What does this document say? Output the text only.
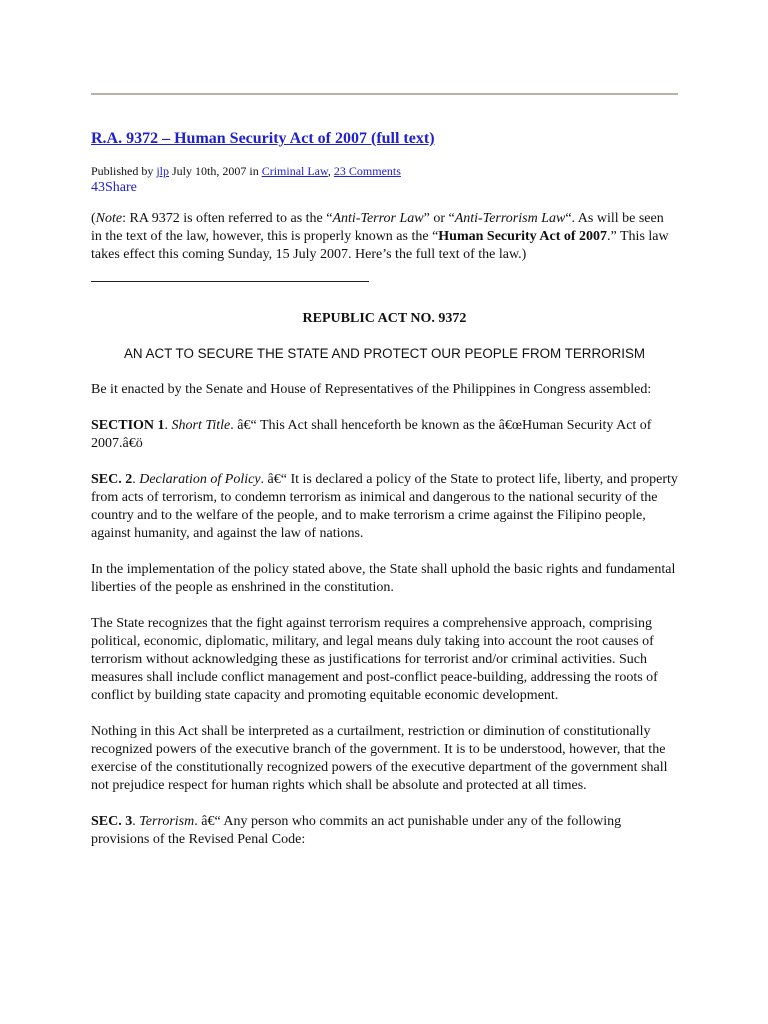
R.A. 9372 – Human Security Act of 2007 (full text)
Published by jlp July 10th, 2007 in Criminal Law, 23 Comments
43Share
(Note: RA 9372 is often referred to as the “Anti-Terror Law” or “Anti-Terrorism Law“. As will be seen in the text of the law, however, this is properly known as the “Human Security Act of 2007.” This law takes effect this coming Sunday, 15 July 2007. Here’s the full text of the law.)
REPUBLIC ACT NO. 9372
AN ACT TO SECURE THE STATE AND PROTECT OUR PEOPLE FROM TERRORISM

Be it enacted by the Senate and House of Representatives of the Philippines in Congress assembled:

SECTION 1. Short Title. â€“ This Act shall henceforth be known as the â€œHuman Security Act of 2007.â€ö

SEC. 2. Declaration of Policy. â€“ It is declared a policy of the State to protect life, liberty, and property from acts of terrorism, to condemn terrorism as inimical and dangerous to the national security of the country and to the welfare of the people, and to make terrorism a crime against the Filipino people, against humanity, and against the law of nations.

In the implementation of the policy stated above, the State shall uphold the basic rights and fundamental liberties of the people as enshrined in the constitution.

The State recognizes that the fight against terrorism requires a comprehensive approach, comprising political, economic, diplomatic, military, and legal means duly taking into account the root causes of terrorism without acknowledging these as justifications for terrorist and/or criminal activities. Such measures shall include conflict management and post-conflict peace-building, addressing the roots of conflict by building state capacity and promoting equitable economic development.

Nothing in this Act shall be interpreted as a curtailment, restriction or diminution of constitutionally recognized powers of the executive branch of the government. It is to be understood, however, that the exercise of the constitutionally recognized powers of the executive department of the government shall not prejudice respect for human rights which shall be absolute and protected at all times.

SEC. 3. Terrorism. â€“ Any person who commits an act punishable under any of the following provisions of the Revised Penal Code:
